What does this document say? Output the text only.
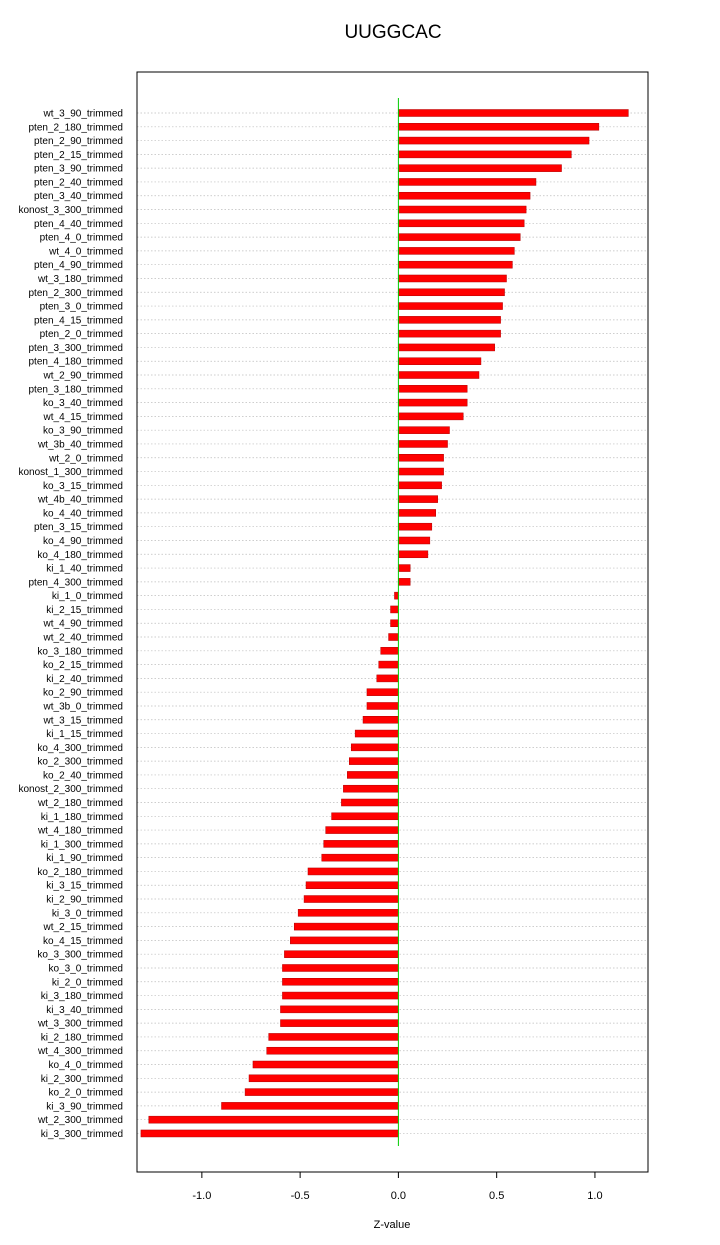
UUGGCAC
wt_3_90_trimmed
pten_2_180_trimmed
pten_2_90_trimmed
pten_2_15_trimmed
pten_3_90_trimmed
pten_2_40_trimmed
pten_3_40_trimmed
konost_3_300_trimmed
pten_4_40_trimmed
pten_4_0_trimmed
wt_4_0_trimmed
pten_4_90_trimmed
wt_3_180_trimmed
pten_2_300_trimmed
pten_3_0_trimmed
pten_4_15_trimmed
pten_2_0_trimmed
pten_3_300_trimmed
pten_4_180_trimmed
wt_2_90_trimmed
pten_3_180_trimmed
ko_3_40_trimmed
wt_4_15_trimmed
ko_3_90_trimmed
wt_3b_40_trimmed
wt_2_0_trimmed
konost_1_300_trimmed
ko_3_15_trimmed
wt_4b_40_trimmed
ko_4_40_trimmed
pten_3_15_trimmed
ko_4_90_trimmed
ko_4_180_trimmed
ki_1_40_trimmed
pten_4_300_trimmed
ki_1_0_trimmed
ki_2_15_trimmed
wt_4_90_trimmed
wt_2_40_trimmed
ko_3_180_trimmed
ko_2_15_trimmed
ki_2_40_trimmed
ko_2_90_trimmed
wt_3b_0_trimmed
wt_3_15_trimmed
ki_1_15_trimmed
ko_4_300_trimmed
ko_2_300_trimmed
ko_2_40_trimmed
konost_2_300_trimmed
wt_2_180_trimmed
ki_1_180_trimmed
wt_4_180_trimmed
ki_1_300_trimmed
ki_1_90_trimmed
ko_2_180_trimmed
ki_3_15_trimmed
ki_2_90_trimmed
ki_3_0_trimmed
wt_2_15_trimmed
ko_4_15_trimmed
ko_3_300_trimmed
ko_3_0_trimmed
ki_2_0_trimmed
ki_3_180_trimmed
ki_3_40_trimmed
wt_3_300_trimmed
ki_2_180_trimmed
wt_4_300_trimmed
ko_4_0_trimmed
ki_2_300_trimmed
ko_2_0_trimmed
ki_3_90_trimmed
wt_2_300_trimmed
ki_3_300_trimmed
-1.0	-0.5	0.0	0.5	1.0
Z-value
